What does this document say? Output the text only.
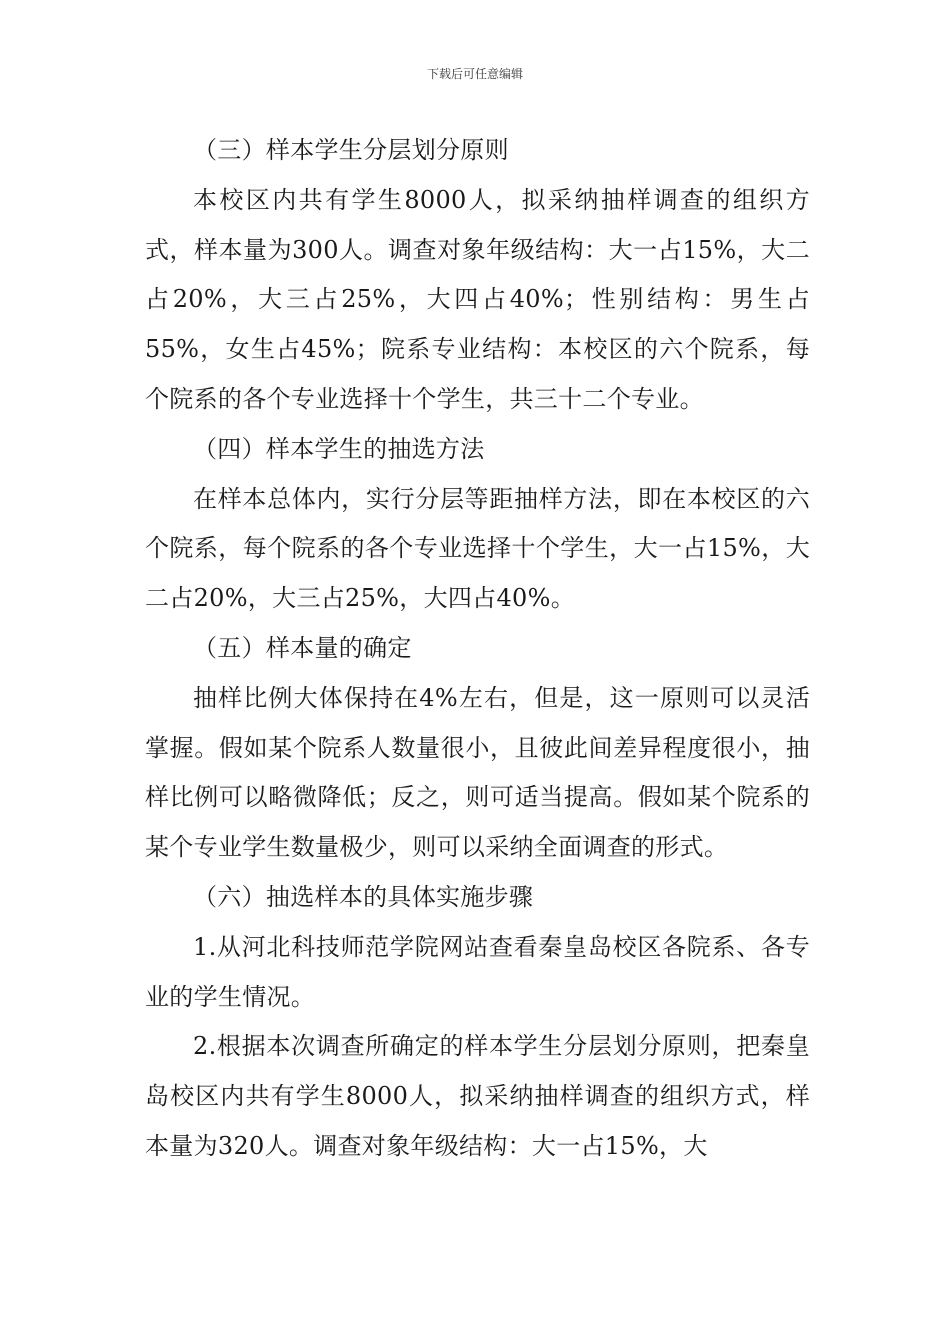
下载后可任意编辑

（三）样本学生分层划分原则

本校区内共有学生8000人，拟采纳抽样调查的组织方式，样本量为300人。调查对象年级结构：大一占15%，大二占20%，大三占25%，大四占40%；性别结构：男生占55%，女生占45%；院系专业结构：本校区的六个院系，每个院系的各个专业选择十个学生，共三十二个专业。

（四）样本学生的抽选方法

在样本总体内，实行分层等距抽样方法，即在本校区的六个院系，每个院系的各个专业选择十个学生，大一占15%，大二占20%，大三占25%，大四占40%。

（五）样本量的确定

抽样比例大体保持在4%左右，但是，这一原则可以灵活掌握。假如某个院系人数量很小，且彼此间差异程度很小，抽样比例可以略微降低；反之，则可适当提高。假如某个院系的某个专业学生数量极少，则可以采纳全面调查的形式。

（六）抽选样本的具体实施步骤

1.从河北科技师范学院网站查看秦皇岛校区各院系、各专业的学生情况。

2.根据本次调查所确定的样本学生分层划分原则，把秦皇岛校区内共有学生8000人，拟采纳抽样调查的组织方式，样本量为320人。调查对象年级结构：大一占15%，大
